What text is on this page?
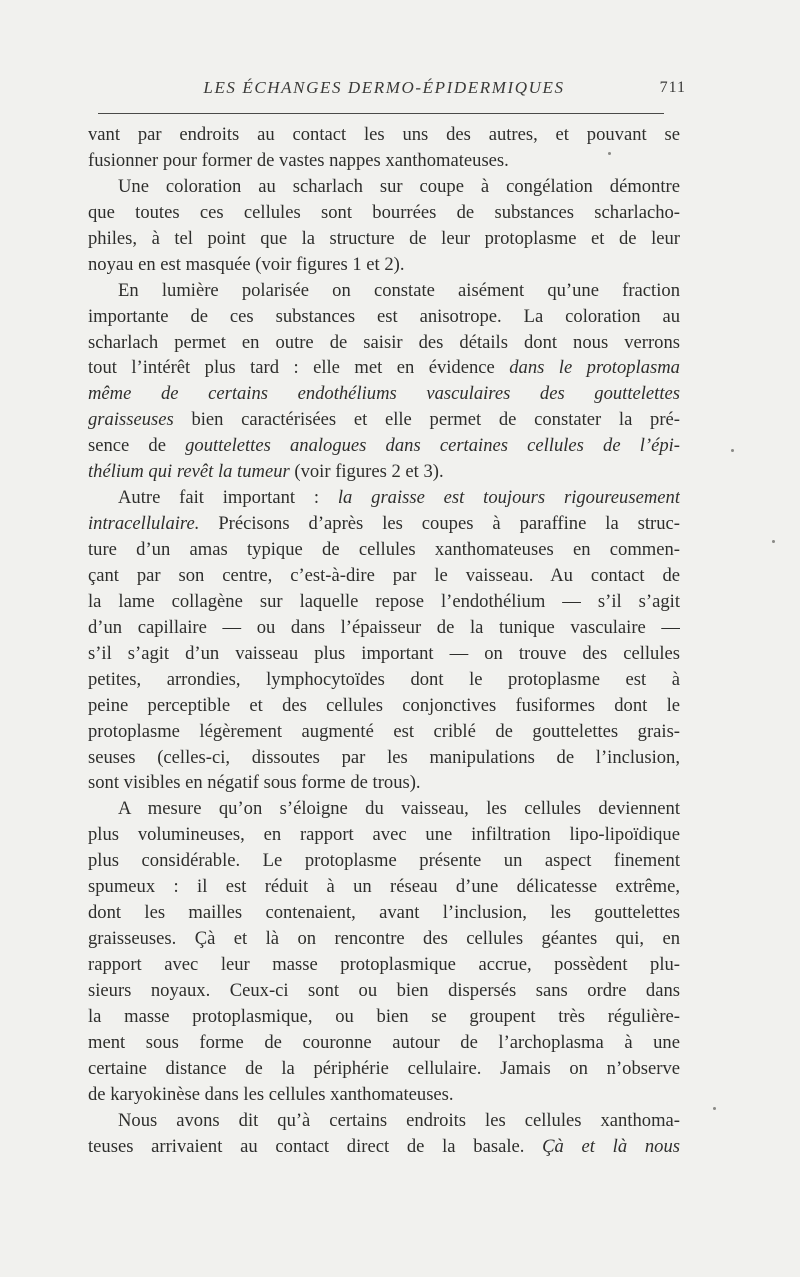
LES ÉCHANGES DERMO-ÉPIDERMIQUES	711
vant par endroits au contact les uns des autres, et pouvant se
fusionner pour former de vastes nappes xanthomateuses.
Une coloration au scharlach sur coupe à congélation démontre
que toutes ces cellules sont bourrées de substances scharlacho-
philes, à tel point que la structure de leur protoplasme et de leur
noyau en est masquée (voir figures 1 et 2).
En lumière polarisée on constate aisément qu’une fraction
importante de ces substances est anisotrope. La coloration au
scharlach permet en outre de saisir des détails dont nous verrons
tout l’intérêt plus tard : elle met en évidence dans le protoplasma
même de certains endothéliums vasculaires des gouttelettes
graisseuses bien caractérisées et elle permet de constater la pré-
sence de gouttelettes analogues dans certaines cellules de l’épi-
thélium qui revêt la tumeur (voir figures 2 et 3).
Autre fait important : la graisse est toujours rigoureusement
intracellulaire. Précisons d’après les coupes à paraffine la struc-
ture d’un amas typique de cellules xanthomateuses en commen-
çant par son centre, c’est-à-dire par le vaisseau. Au contact de
la lame collagène sur laquelle repose l’endothélium — s’il s’agit
d’un capillaire — ou dans l’épaisseur de la tunique vasculaire —
s’il s’agit d’un vaisseau plus important — on trouve des cellules
petites, arrondies, lymphocytoïdes dont le protoplasme est à
peine perceptible et des cellules conjonctives fusiformes dont le
protoplasme légèrement augmenté est criblé de gouttelettes grais-
seuses (celles-ci, dissoutes par les manipulations de l’inclusion,
sont visibles en négatif sous forme de trous).
A mesure qu’on s’éloigne du vaisseau, les cellules deviennent
plus volumineuses, en rapport avec une infiltration lipo-lipoïdique
plus considérable. Le protoplasme présente un aspect finement
spumeux : il est réduit à un réseau d’une délicatesse extrême,
dont les mailles contenaient, avant l’inclusion, les gouttelettes
graisseuses. Çà et là on rencontre des cellules géantes qui, en
rapport avec leur masse protoplasmique accrue, possèdent plu-
sieurs noyaux. Ceux-ci sont ou bien dispersés sans ordre dans
la masse protoplasmique, ou bien se groupent très régulière-
ment sous forme de couronne autour de l’archoplasma à une
certaine distance de la périphérie cellulaire. Jamais on n’observe
de karyokinèse dans les cellules xanthomateuses.
Nous avons dit qu’à certains endroits les cellules xanthoma-
teuses arrivaient au contact direct de la basale. Çà et là nous
